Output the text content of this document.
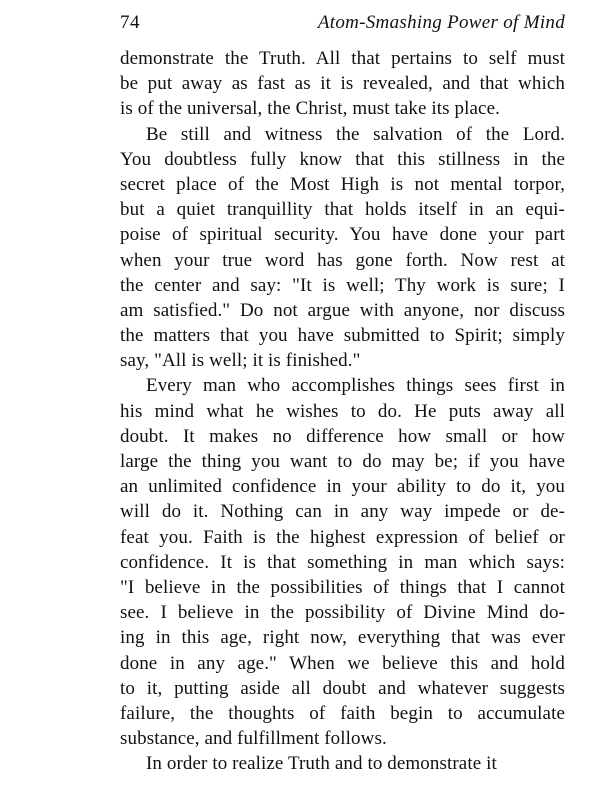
74	Atom-Smashing Power of Mind
demonstrate the Truth. All that pertains to self must
be put away as fast as it is revealed, and that which
is of the universal, the Christ, must take its place.
Be still and witness the salvation of the Lord.
You doubtless fully know that this stillness in the
secret place of the Most High is not mental torpor,
but a quiet tranquillity that holds itself in an equi-
poise of spiritual security. You have done your part
when your true word has gone forth. Now rest at
the center and say: "It is well; Thy work is sure; I
am satisfied." Do not argue with anyone, nor discuss
the matters that you have submitted to Spirit; simply
say, "All is well; it is finished."
Every man who accomplishes things sees first in
his mind what he wishes to do. He puts away all
doubt. It makes no difference how small or how
large the thing you want to do may be; if you have
an unlimited confidence in your ability to do it, you
will do it. Nothing can in any way impede or de-
feat you. Faith is the highest expression of belief or
confidence. It is that something in man which says:
"I believe in the possibilities of things that I cannot
see. I believe in the possibility of Divine Mind do-
ing in this age, right now, everything that was ever
done in any age." When we believe this and hold
to it, putting aside all doubt and whatever suggests
failure, the thoughts of faith begin to accumulate
substance, and fulfillment follows.
In order to realize Truth and to demonstrate it
